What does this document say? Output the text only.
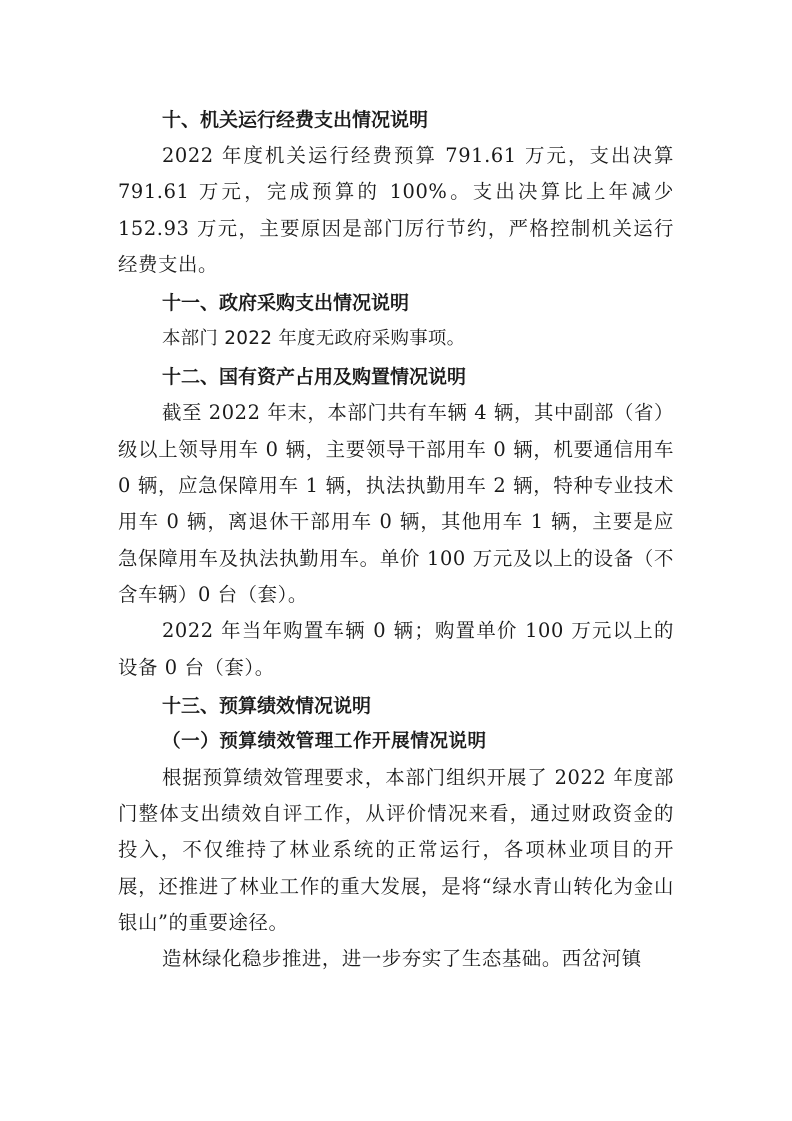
十、机关运行经费支出情况说明

2022 年度机关运行经费预算 791.61 万元，支出决算 791.61 万元，完成预算的 100%。支出决算比上年减少 152.93 万元，主要原因是部门厉行节约，严格控制机关运行经费支出。

十一、政府采购支出情况说明

本部门 2022 年度无政府采购事项。

十二、国有资产占用及购置情况说明

截至 2022 年末，本部门共有车辆 4 辆，其中副部（省）级以上领导用车 0 辆，主要领导干部用车 0 辆，机要通信用车 0 辆，应急保障用车 1 辆，执法执勤用车 2 辆，特种专业技术用车 0 辆，离退休干部用车 0 辆，其他用车 1 辆，主要是应急保障用车及执法执勤用车。单价 100 万元及以上的设备（不含车辆）0 台（套）。

2022 年当年购置车辆 0 辆；购置单价 100 万元以上的设备 0 台（套）。

十三、预算绩效情况说明
（一）预算绩效管理工作开展情况说明

根据预算绩效管理要求，本部门组织开展了 2022 年度部门整体支出绩效自评工作，从评价情况来看，通过财政资金的投入，不仅维持了林业系统的正常运行，各项林业项目的开展，还推进了林业工作的重大发展，是将“绿水青山转化为金山银山”的重要途径。

造林绿化稳步推进，进一步夯实了生态基础。西岔河镇
